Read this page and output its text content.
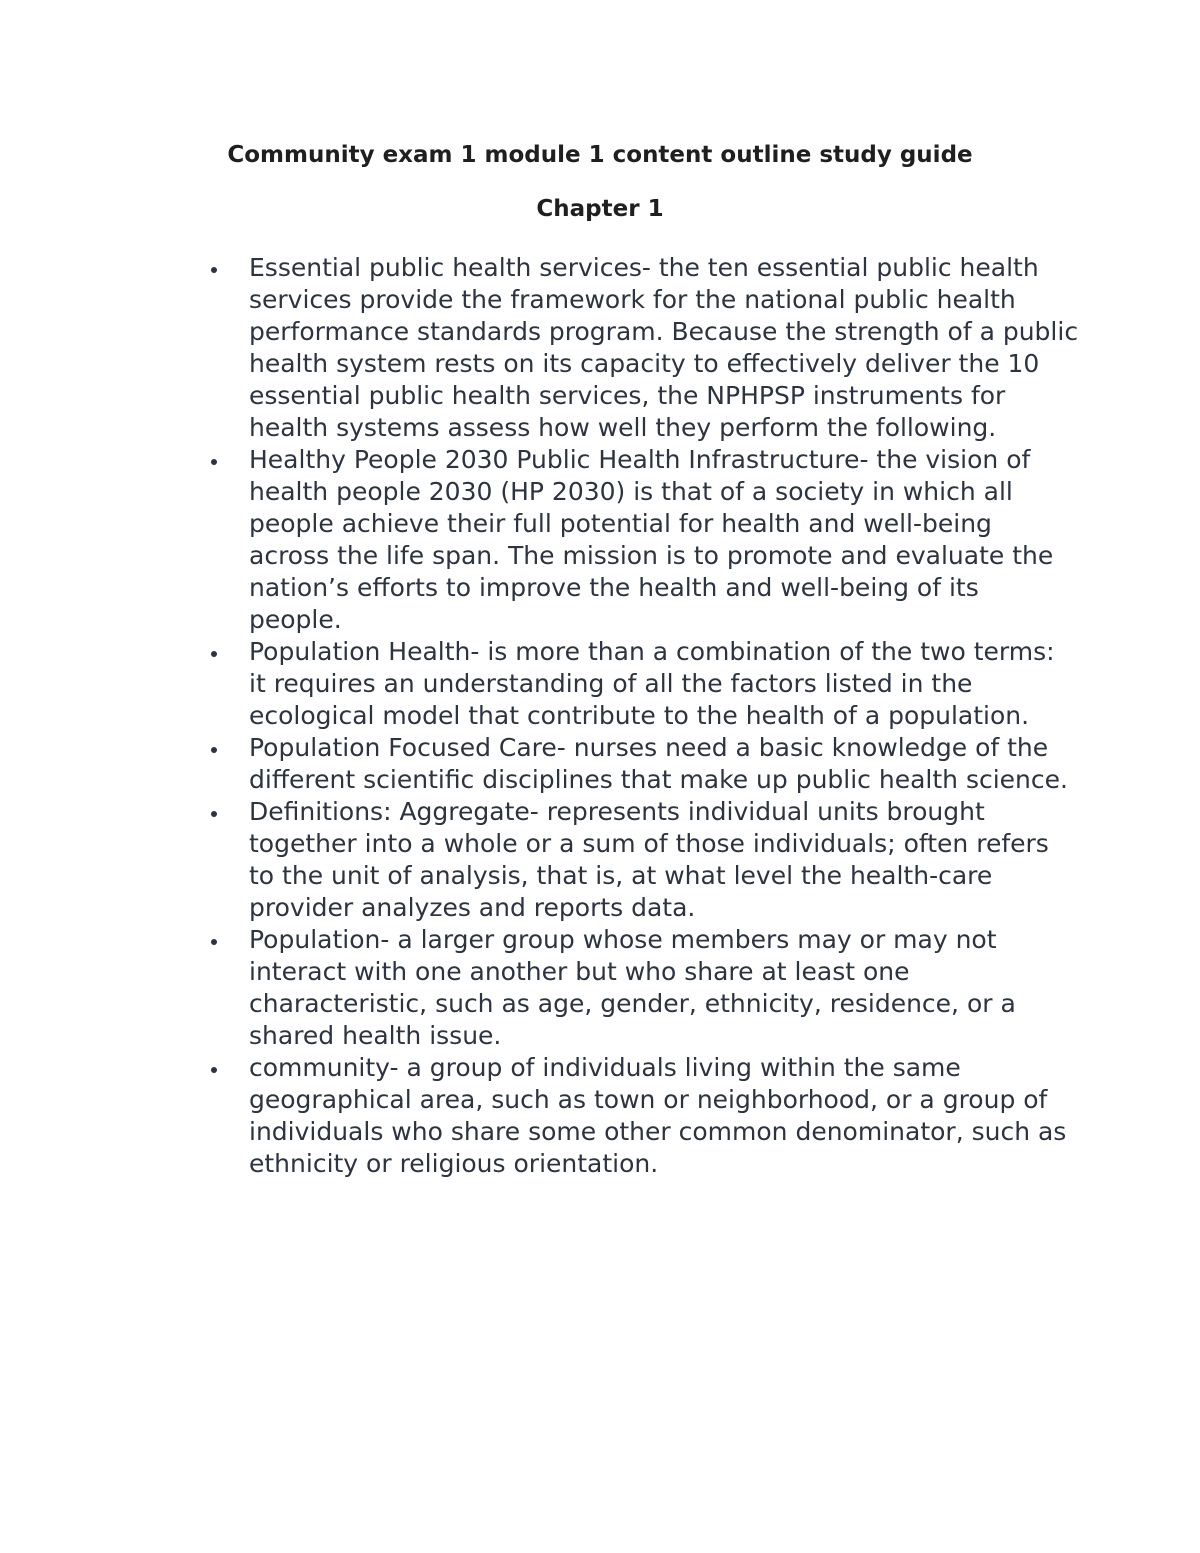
Community exam 1 module 1 content outline study guide
Chapter 1
Essential public health services- the ten essential public health services provide the framework for the national public health performance standards program. Because the strength of a public health system rests on its capacity to effectively deliver the 10 essential public health services, the NPHPSP instruments for health systems assess how well they perform the following.
Healthy People 2030 Public Health Infrastructure- the vision of health people 2030 (HP 2030) is that of a society in which all people achieve their full potential for health and well-being across the life span. The mission is to promote and evaluate the nation’s efforts to improve the health and well-being of its people.
Population Health- is more than a combination of the two terms: it requires an understanding of all the factors listed in the ecological model that contribute to the health of a population.
Population Focused Care- nurses need a basic knowledge of the different scientific disciplines that make up public health science.
Definitions: Aggregate- represents individual units brought together into a whole or a sum of those individuals; often refers to the unit of analysis, that is, at what level the health-care provider analyzes and reports data.
Population- a larger group whose members may or may not interact with one another but who share at least one characteristic, such as age, gender, ethnicity, residence, or a shared health issue.
community- a group of individuals living within the same geographical area, such as town or neighborhood, or a group of individuals who share some other common denominator, such as ethnicity or religious orientation.
